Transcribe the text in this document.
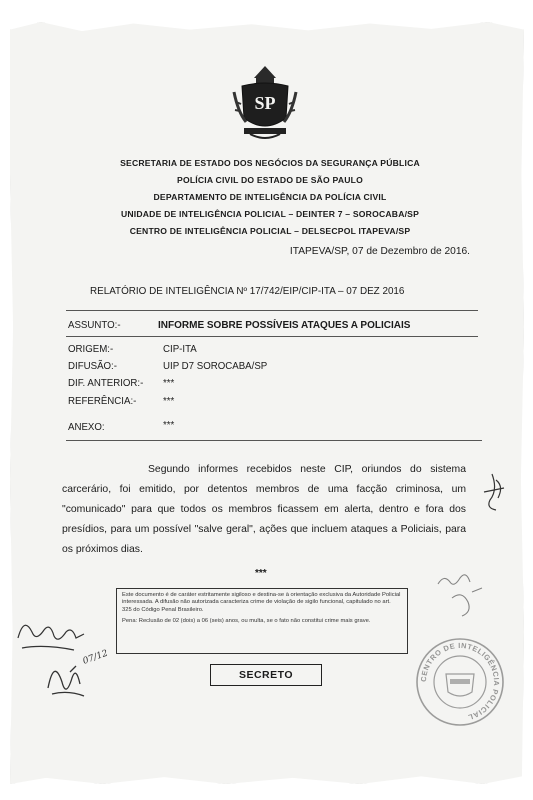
SP
SECRETARIA DE ESTADO DOS NEGÓCIOS DA SEGURANÇA PÚBLICA
POLÍCIA CIVIL DO ESTADO DE SÃO PAULO
DEPARTAMENTO DE INTELIGÊNCIA DA POLÍCIA CIVIL
UNIDADE DE INTELIGÊNCIA POLICIAL – DEINTER 7 – SOROCABA/SP
CENTRO DE INTELIGÊNCIA POLICIAL – DELSECPOL ITAPEVA/SP
ITAPEVA/SP, 07 de Dezembro de 2016.
RELATÓRIO DE INTELIGÊNCIA Nº 17/742/EIP/CIP-ITA – 07 DEZ 2016
ASSUNTO:-	INFORME SOBRE POSSÍVEIS ATAQUES A POLICIAIS
ORIGEM:-	CIP-ITA
DIFUSÃO:-	UIP D7 SOROCABA/SP
DIF. ANTERIOR:- ***
REFERÊNCIA:-	***
ANEXO:	***
Segundo informes recebidos neste CIP, oriundos do sistema carcerário, foi emitido, por detentos membros de uma facção criminosa, um "comunicado" para que todos os membros ficassem em alerta, dentro e fora dos presídios, para um possível "salve geral", ações que incluem ataques a Policiais, para os próximos dias.
***

Este documento é de caráter estritamente sigiloso e destina-se à orientação exclusiva da Autoridade Policial interessada. A difusão não autorizada caracteriza crime de violação de sigilo funcional, capitulado no art. 325 do Código Penal Brasileiro.

Pena: Reclusão de 02 (dois) a 06 (seis) anos, ou multa, se o fato não constitui crime mais grave.

SECRETO	CENTRO DE INTELIGÊNCIA POLICIAL
07/12
